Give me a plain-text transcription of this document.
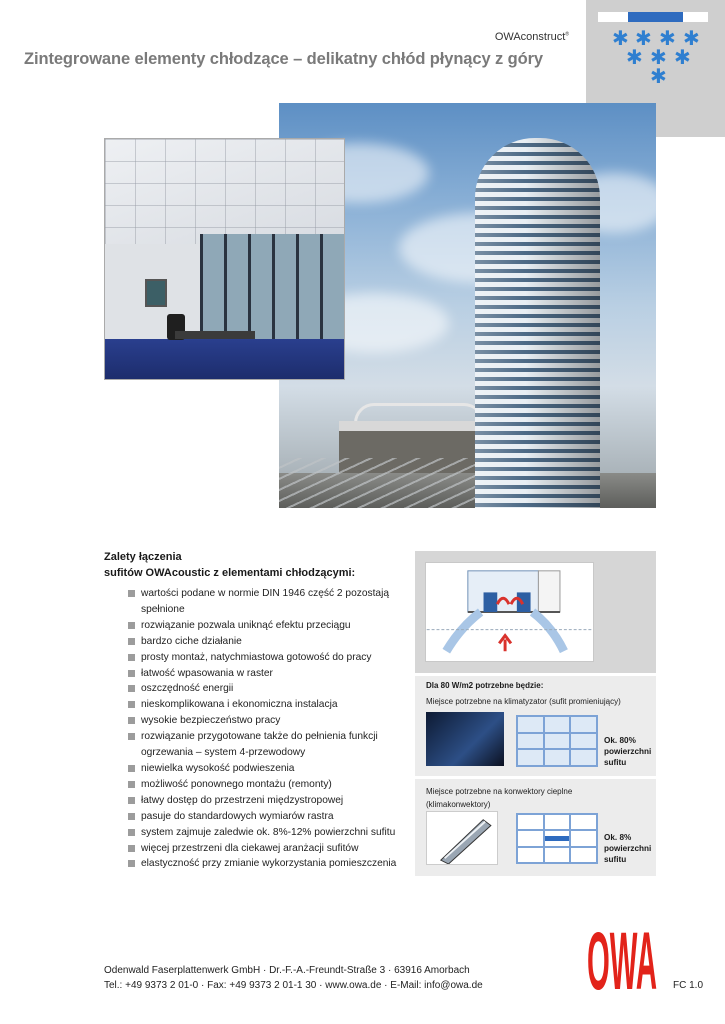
✱ ✱ ✱ ✱
✱ ✱ ✱
✱
OWAconstruct®
Zintegrowane elementy chłodzące – delikatny chłód płynący z góry
Zalety łączenia
sufitów OWAcoustic z elementami chłodzącymi:
wartości podane w normie DIN 1946 część 2 pozostają
spełnione
rozwiązanie pozwala uniknąć efektu przeciągu
bardzo ciche działanie
prosty montaż, natychmiastowa gotowość do pracy
łatwość wpasowania w raster
oszczędność energii
nieskomplikowana i ekonomiczna instalacja
wysokie bezpieczeństwo pracy
rozwiązanie przygotowane także do pełnienia funkcji
ogrzewania – system 4-przewodowy
niewielka wysokość podwieszenia
możliwość ponownego montażu (remonty)
łatwy dostęp do przestrzeni międzystropowej
pasuje do standardowych wymiarów rastra
system zajmuje zaledwie ok. 8%-12% powierzchni sufitu
więcej przestrzeni dla ciekawej aranżacji sufitów
elastyczność przy zmianie wykorzystania pomieszczenia
Dla 80 W/m2 potrzebne będzie:
Miejsce potrzebne na klimatyzator (sufit promieniujący)
Ok. 80%
powierzchni
sufitu
Miejsce potrzebne na konwektory cieplne
(klimakonwektory)
Ok. 8%
powierzchni
sufitu
OWA
Odenwald Faserplattenwerk GmbH · Dr.-F.-A.-Freundt-Straße 3 · 63916 Amorbach
Tel.: +49 9373 2 01-0 · Fax: +49 9373 2 01-1 30 · www.owa.de · E-Mail: info@owa.de	FC 1.0
